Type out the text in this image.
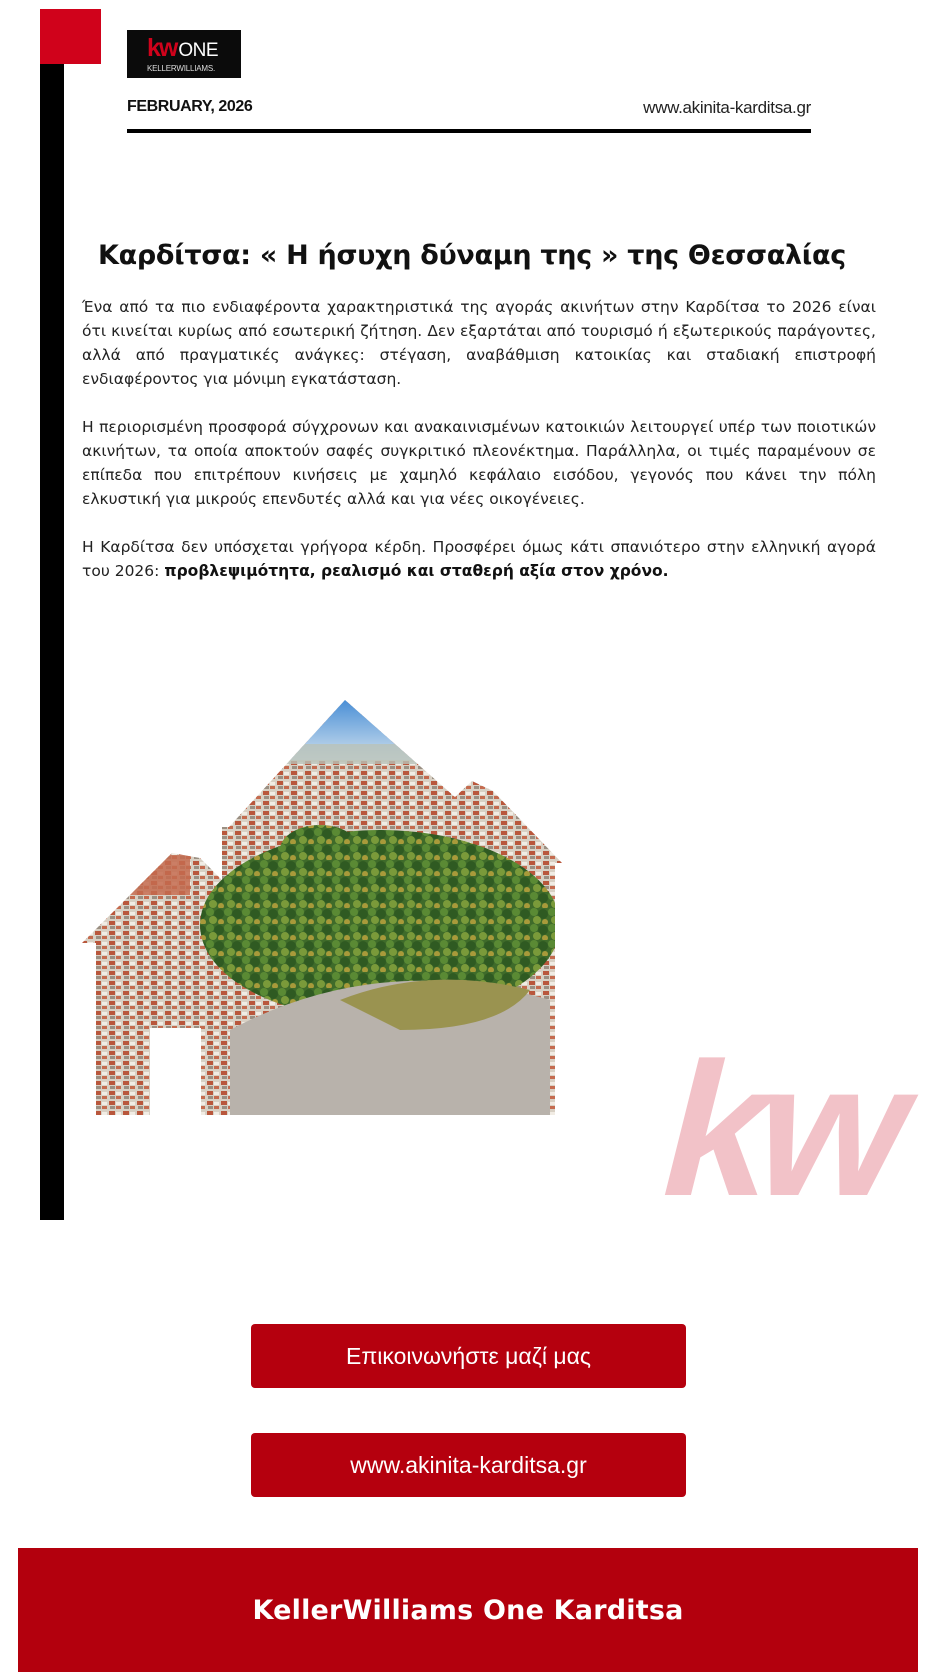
kw ONE
KELLERWILLIAMS.
FEBRUARY, 2026	www.akinita-karditsa.gr
Καρδίτσα: « Η ήσυχη δύναμη της » της Θεσσαλίας

Ένα από τα πιο ενδιαφέροντα χαρακτηριστικά της αγοράς ακινήτων στην Καρδίτσα το 2026 είναι ότι κινείται κυρίως από εσωτερική ζήτηση. Δεν εξαρτάται από τουρισμό ή εξωτερικούς παράγοντες, αλλά από πραγματικές ανάγκες: στέγαση, αναβάθμιση κατοικίας και σταδιακή επιστροφή ενδιαφέροντος για μόνιμη εγκατάσταση.

Η περιορισμένη προσφορά σύγχρονων και ανακαινισμένων κατοικιών λειτουργεί υπέρ των ποιοτικών ακινήτων, τα οποία αποκτούν σαφές συγκριτικό πλεονέκτημα. Παράλληλα, οι τιμές παραμένουν σε επίπεδα που επιτρέπουν κινήσεις με χαμηλό κεφάλαιο εισόδου, γεγονός που κάνει την πόλη ελκυστική για μικρούς επενδυτές αλλά και για νέες οικογένειες.

Η Καρδίτσα δεν υπόσχεται γρήγορα κέρδη. Προσφέρει όμως κάτι σπανιότερο στην ελληνική αγορά του 2026: προβλεψιμότητα, ρεαλισμό και σταθερή αξία στον χρόνο.

kw
Επικοινωνήστε μαζί μας
www.akinita-karditsa.gr
KellerWilliams One Karditsa
